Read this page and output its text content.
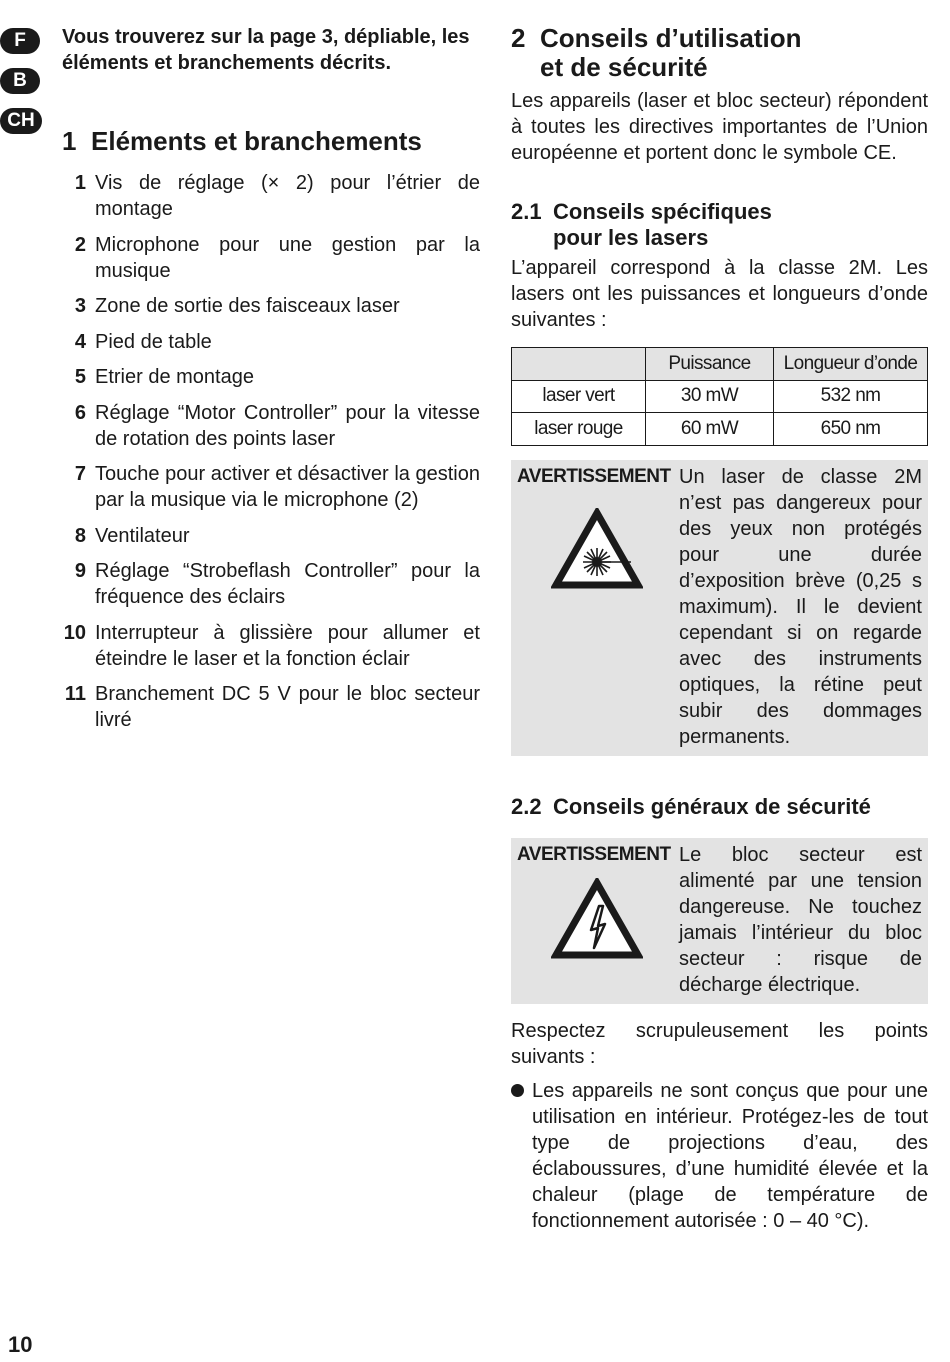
F
B
CH

Vous trouverez sur la page 3, dépliable, les éléments et branchements décrits.

1 Eléments et branchements
1 Vis de réglage (× 2) pour l’étrier de montage
2 Microphone pour une gestion par la musique
3 Zone de sortie des faisceaux laser
4 Pied de table
5 Etrier de montage
6 Réglage “Motor Controller” pour la vitesse de rotation des points laser
7 Touche pour activer et désactiver la gestion par la musique via le microphone (2)
8 Ventilateur
9 Réglage “Strobeflash Controller” pour la fréquence des éclairs
10 Interrupteur à glissière pour allumer et éteindre le laser et la fonction éclair
11 Branchement DC 5 V pour le bloc secteur livré
2 Conseils d’utilisation
et de sécurité

Les appareils (laser et bloc secteur) répondent à toutes les directives importantes de l’Union européenne et portent donc le symbole CE.

2.1 Conseils spécifiques
pour les lasers

L’appareil correspond à la classe 2M. Les lasers ont les puissances et longueurs d’onde suivantes :

	Puissance	Longueur d’onde
laser vert	30 mW	532 nm
laser rouge	60 mW	650 nm
AVERTISSEMENT Un laser de classe 2M n’est pas dangereux pour des yeux non protégés pour une durée d’exposition brève (0,25 s maximum). Il le devient cependant si on regarde avec des instruments optiques, la rétine peut subir des dommages permanents.
2.2 Conseils généraux de sécurité
AVERTISSEMENT Le bloc secteur est alimenté par une tension dangereuse. Ne touchez jamais l’intérieur du bloc secteur : risque de décharge électrique.

Respectez scrupuleusement les points suivants :

Les appareils ne sont conçus que pour une utilisation en intérieur. Protégez-les de tout type de projections d’eau, des éclaboussures, d’une humidité élevée et la chaleur (plage de température de fonctionnement autorisée : 0 – 40 °C).
10
